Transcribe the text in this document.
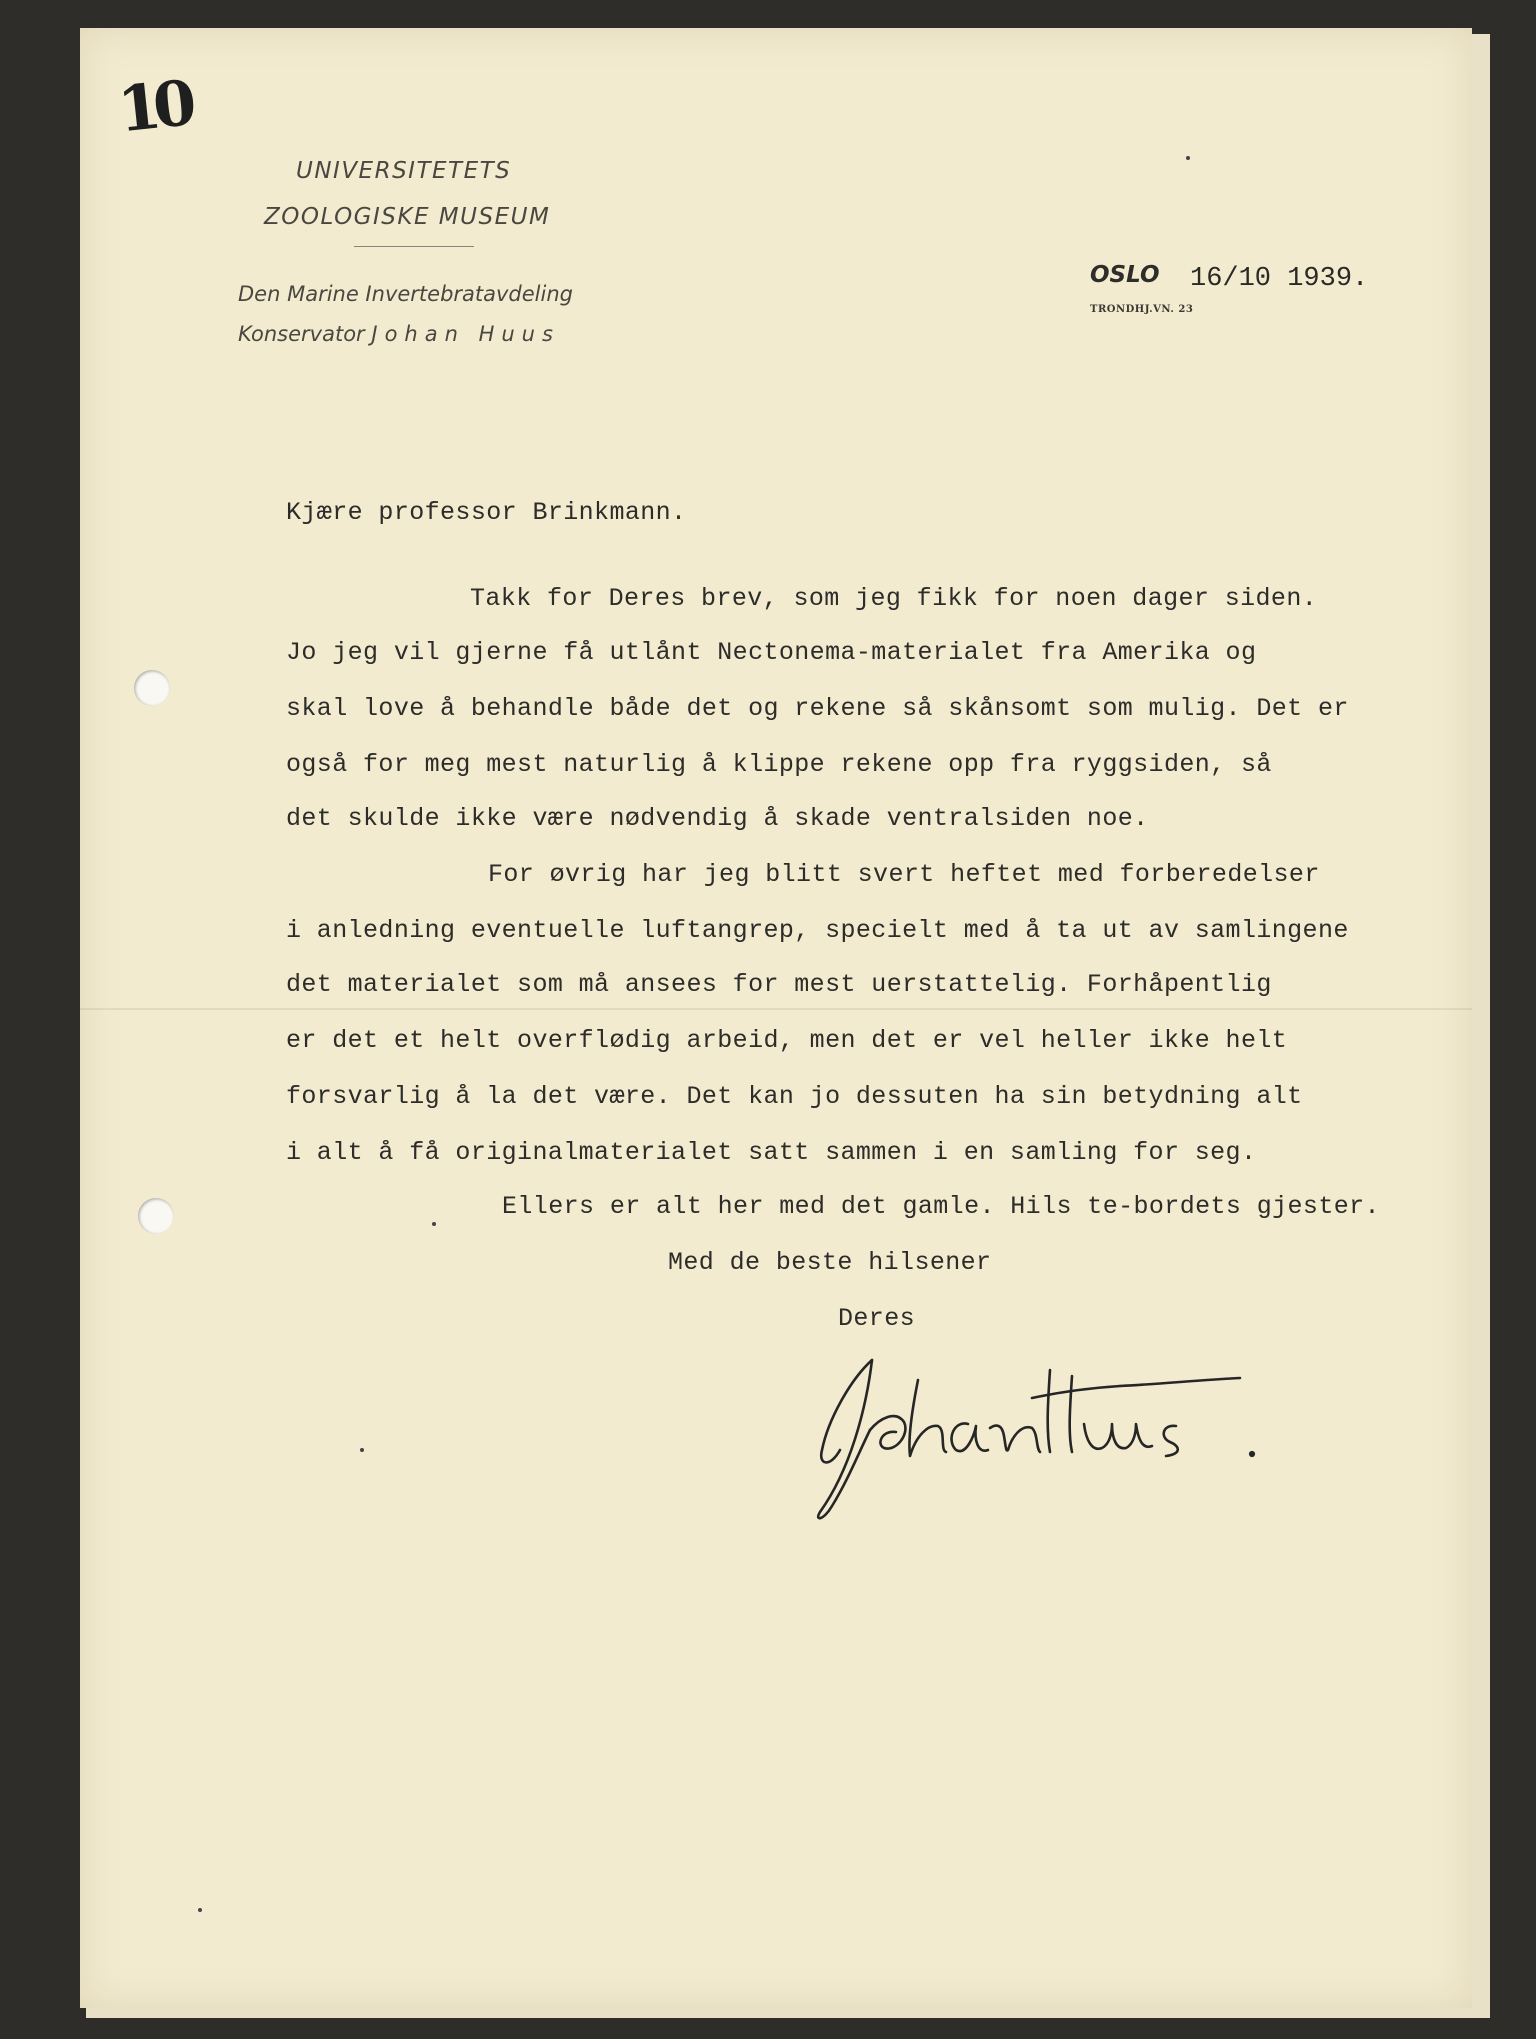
10
UNIVERSITETETS
ZOOLOGISKE MUSEUM
Den Marine Invertebratavdeling
Konservator Johan Huus
OSLO
TRONDHJ.VN. 23
16/10 1939.
Kjære professor Brinkmann.
Takk for Deres brev, som jeg fikk for noen dager siden.
Jo jeg vil gjerne få utlånt Nectonema-materialet fra Amerika og
skal love å behandle både det og rekene så skånsomt som mulig. Det er
også for meg mest naturlig å klippe rekene opp fra ryggsiden, så
det skulde ikke være nødvendig å skade ventralsiden noe.
For øvrig har jeg blitt svert heftet med forberedelser
i anledning eventuelle luftangrep, specielt med å ta ut av samlingene
det materialet som må ansees for mest uerstattelig. Forhåpentlig
er det et helt overflødig arbeid, men det er vel heller ikke helt
forsvarlig å la det være. Det kan jo dessuten ha sin betydning alt
i alt å få originalmaterialet satt sammen i en samling for seg.
Ellers er alt her med det gamle. Hils te-bordets gjester.
Med de beste hilsener
Deres
